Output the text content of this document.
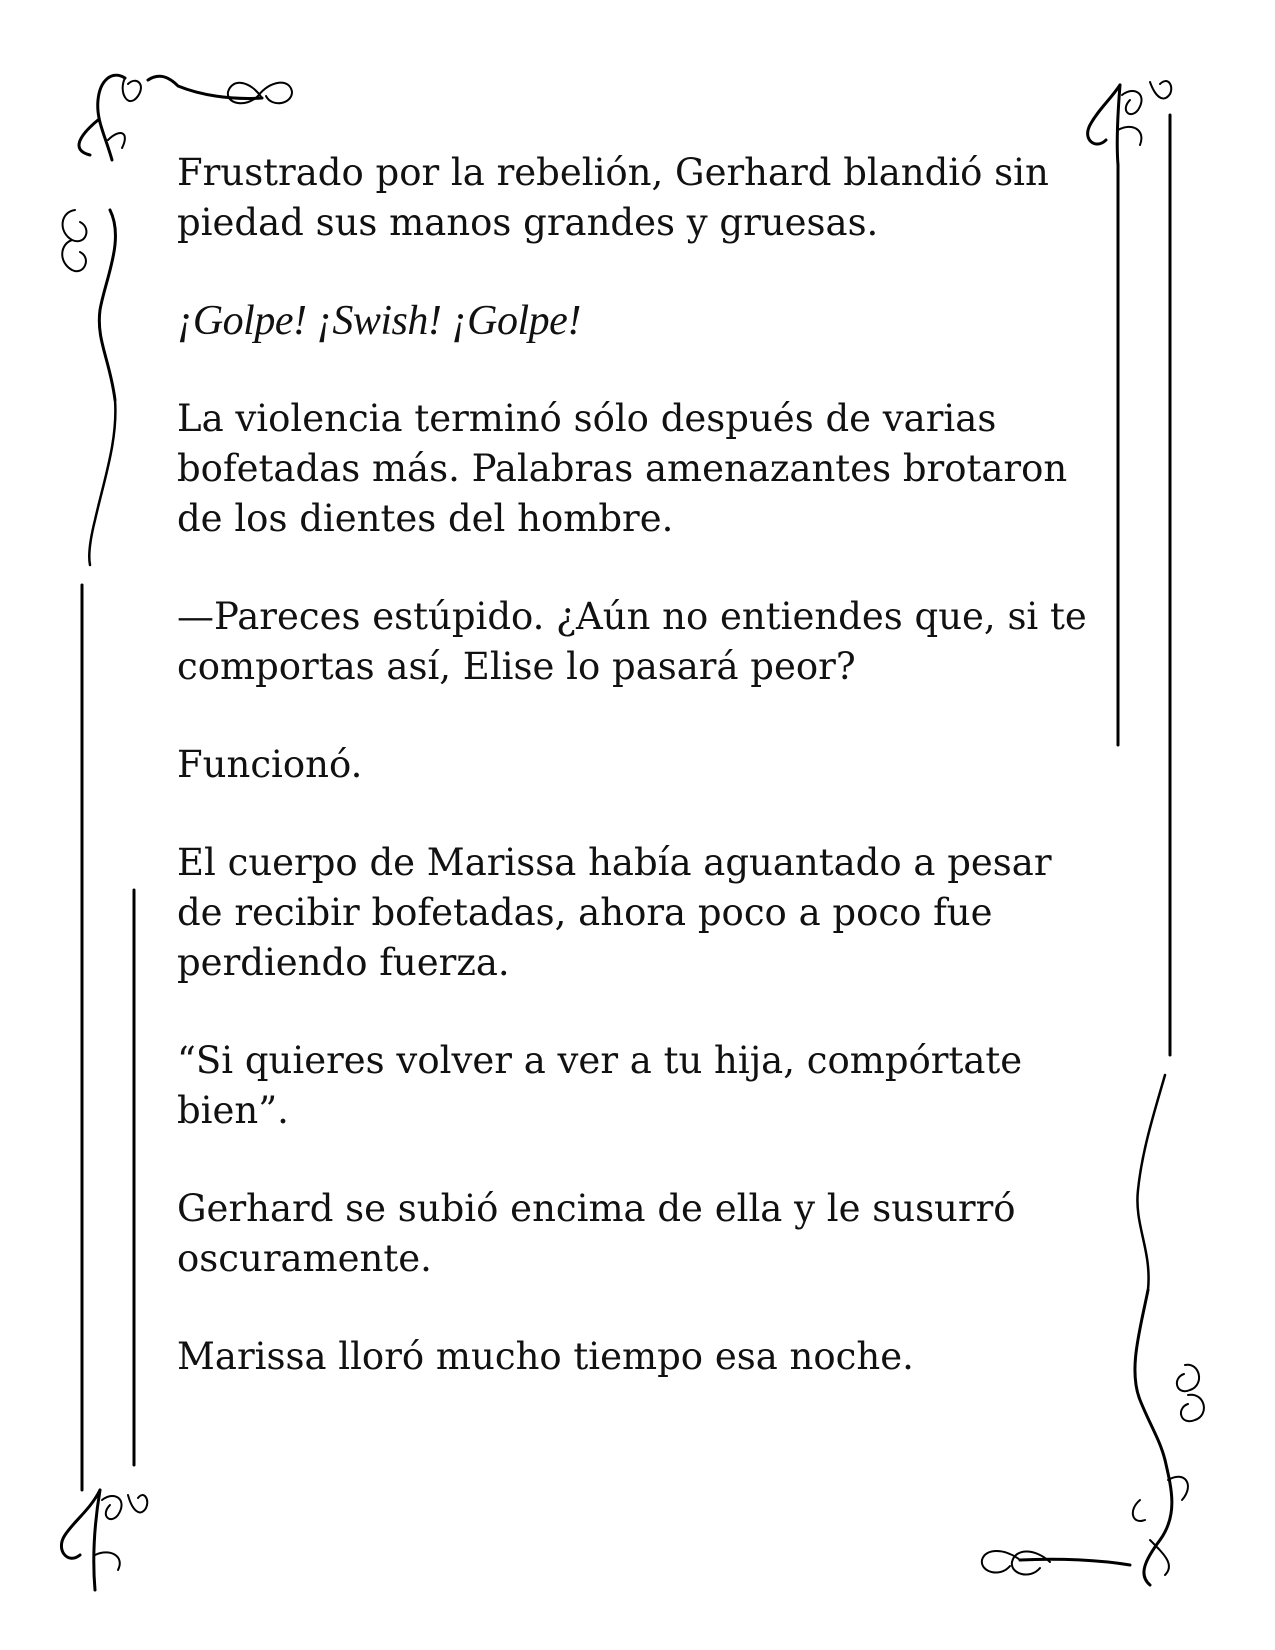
Frustrado por la rebelión, Gerhard blandió sin piedad sus manos grandes y gruesas.

¡Golpe! ¡Swish! ¡Golpe!

La violencia terminó sólo después de varias bofetadas más. Palabras amenazantes brotaron de los dientes del hombre.

—Pareces estúpido. ¿Aún no entiendes que, si te comportas así, Elise lo pasará peor?

Funcionó.

El cuerpo de Marissa había aguantado a pesar de recibir bofetadas, ahora poco a poco fue perdiendo fuerza.

“Si quieres volver a ver a tu hija, compórtate bien”.

Gerhard se subió encima de ella y le susurró oscuramente.

Marissa lloró mucho tiempo esa noche.
